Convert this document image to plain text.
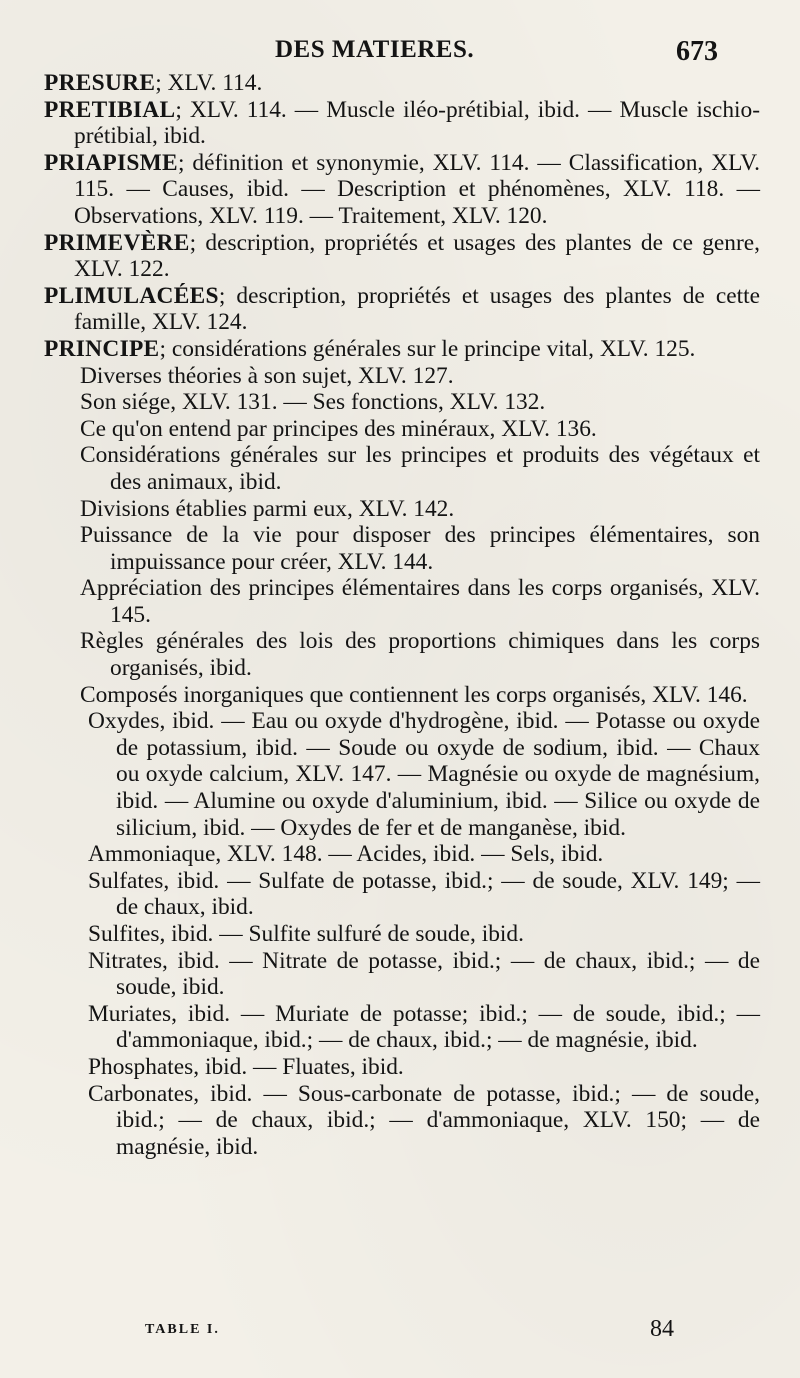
DES MATIERES.	673

PRESURE; XLV. 114.

PRETIBIAL; XLV. 114. — Muscle iléo-prétibial, ibid. — Muscle ischio-prétibial, ibid.

PRIAPISME; définition et synonymie, XLV. 114. — Classification, XLV. 115. — Causes, ibid. — Description et phénomènes, XLV. 118. — Observations, XLV. 119. — Traitement, XLV. 120.

PRIMEVÈRE; description, propriétés et usages des plantes de ce genre, XLV. 122.

PLIMULACÉES; description, propriétés et usages des plantes de cette famille, XLV. 124.

PRINCIPE; considérations générales sur le principe vital, XLV. 125.

Diverses théories à son sujet, XLV. 127.

Son siége, XLV. 131. — Ses fonctions, XLV. 132.

Ce qu'on entend par principes des minéraux, XLV. 136.

Considérations générales sur les principes et produits des végétaux et des animaux, ibid.

Divisions établies parmi eux, XLV. 142.

Puissance de la vie pour disposer des principes élémentaires, son impuissance pour créer, XLV. 144.

Appréciation des principes élémentaires dans les corps organisés, XLV. 145.

Règles générales des lois des proportions chimiques dans les corps organisés, ibid.

Composés inorganiques que contiennent les corps organisés, XLV. 146.

Oxydes, ibid. — Eau ou oxyde d'hydrogène, ibid. — Potasse ou oxyde de potassium, ibid. — Soude ou oxyde de sodium, ibid. — Chaux ou oxyde calcium, XLV. 147. — Magnésie ou oxyde de magnésium, ibid. — Alumine ou oxyde d'aluminium, ibid. — Silice ou oxyde de silicium, ibid. — Oxydes de fer et de manganèse, ibid.

Ammoniaque, XLV. 148. — Acides, ibid. — Sels, ibid.

Sulfates, ibid. — Sulfate de potasse, ibid.; — de soude, XLV. 149; — de chaux, ibid.

Sulfites, ibid. — Sulfite sulfuré de soude, ibid.

Nitrates, ibid. — Nitrate de potasse, ibid.; — de chaux, ibid.; — de soude, ibid.

Muriates, ibid. — Muriate de potasse; ibid.; — de soude, ibid.; — d'ammoniaque, ibid.; — de chaux, ibid.; — de magnésie, ibid.

Phosphates, ibid. — Fluates, ibid.

Carbonates, ibid. — Sous-carbonate de potasse, ibid.; — de soude, ibid.; — de chaux, ibid.; — d'ammoniaque, XLV. 150; — de magnésie, ibid.

TABLE I.	84
